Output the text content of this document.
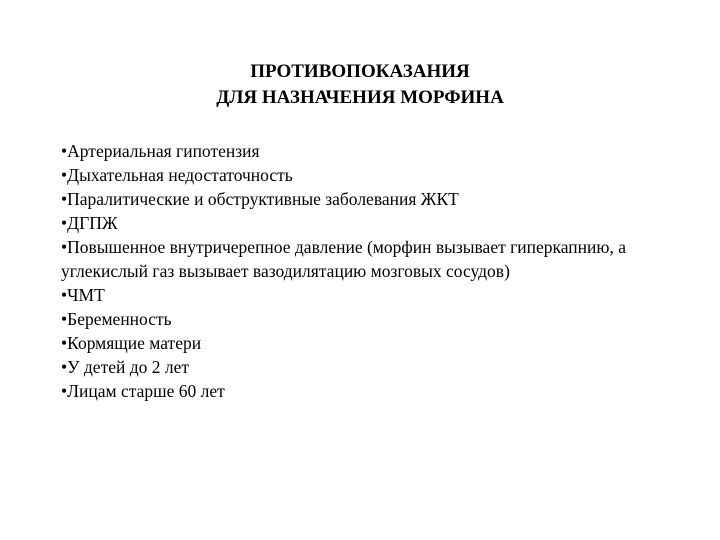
ПРОТИВОПОКАЗАНИЯ
ДЛЯ НАЗНАЧЕНИЯ МОРФИНА
•Артериальная гипотензия
•Дыхательная недостаточность
•Паралитические и обструктивные заболевания ЖКТ
•ДГПЖ
•Повышенное внутричерепное давление (морфин вызывает гиперкапнию, а углекислый газ вызывает вазодилятацию мозговых сосудов)
•ЧМТ
•Беременность
•Кормящие матери
•У детей до 2 лет
•Лицам старше 60 лет
